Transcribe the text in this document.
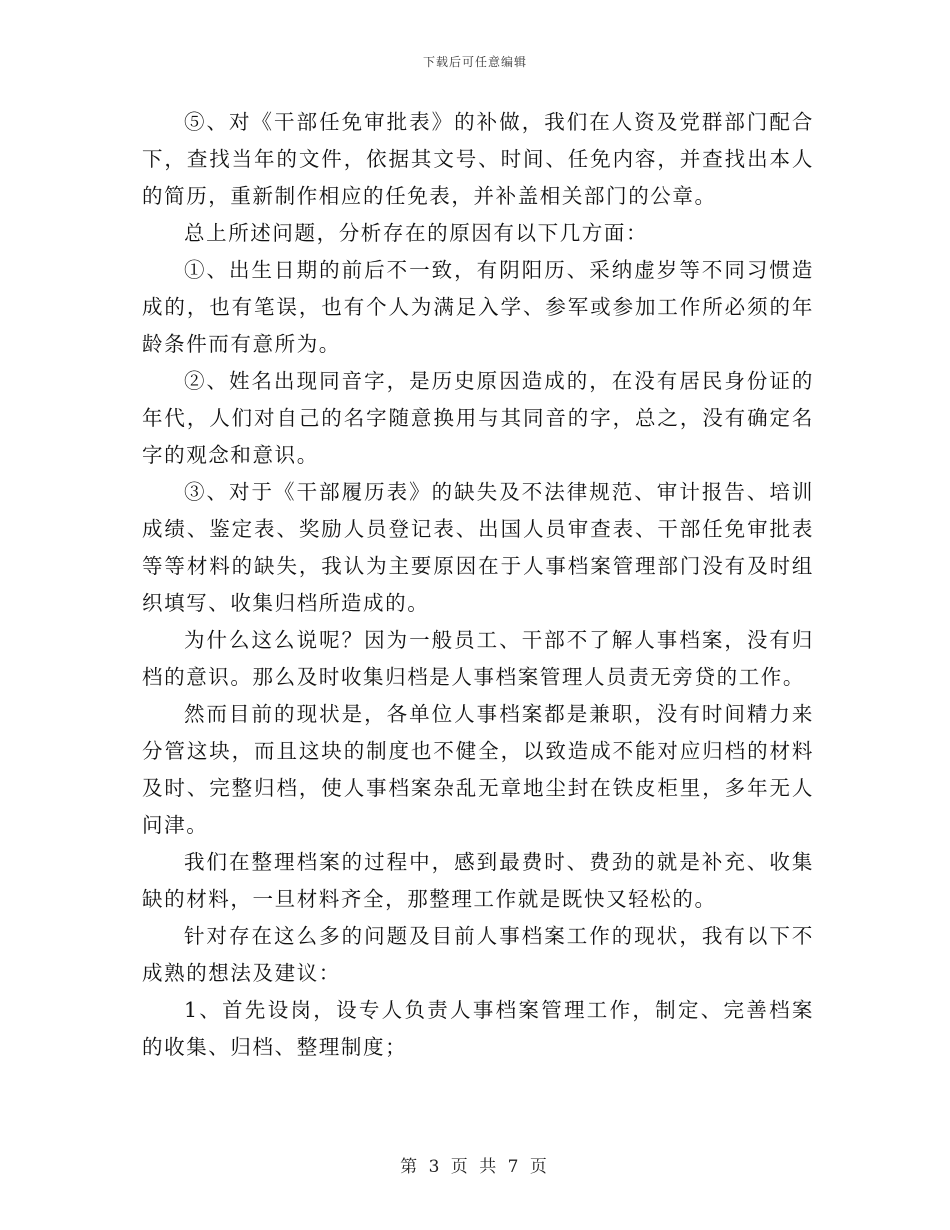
下载后可任意编辑

⑤、对《干部任免审批表》的补做，我们在人资及党群部门配合下，查找当年的文件，依据其文号、时间、任免内容，并查找出本人的简历，重新制作相应的任免表，并补盖相关部门的公章。

总上所述问题，分析存在的原因有以下几方面：

①、出生日期的前后不一致，有阴阳历、采纳虚岁等不同习惯造成的，也有笔误，也有个人为满足入学、参军或参加工作所必须的年龄条件而有意所为。

②、姓名出现同音字，是历史原因造成的，在没有居民身份证的年代，人们对自己的名字随意换用与其同音的字，总之，没有确定名字的观念和意识。

③、对于《干部履历表》的缺失及不法律规范、审计报告、培训成绩、鉴定表、奖励人员登记表、出国人员审查表、干部任免审批表等等材料的缺失，我认为主要原因在于人事档案管理部门没有及时组织填写、收集归档所造成的。

为什么这么说呢？因为一般员工、干部不了解人事档案，没有归档的意识。那么及时收集归档是人事档案管理人员责无旁贷的工作。

然而目前的现状是，各单位人事档案都是兼职，没有时间精力来分管这块，而且这块的制度也不健全，以致造成不能对应归档的材料及时、完整归档，使人事档案杂乱无章地尘封在铁皮柜里，多年无人问津。

我们在整理档案的过程中，感到最费时、费劲的就是补充、收集缺的材料，一旦材料齐全，那整理工作就是既快又轻松的。

针对存在这么多的问题及目前人事档案工作的现状，我有以下不成熟的想法及建议：

1、首先设岗，设专人负责人事档案管理工作，制定、完善档案的收集、归档、整理制度；

第 3 页 共 7 页
